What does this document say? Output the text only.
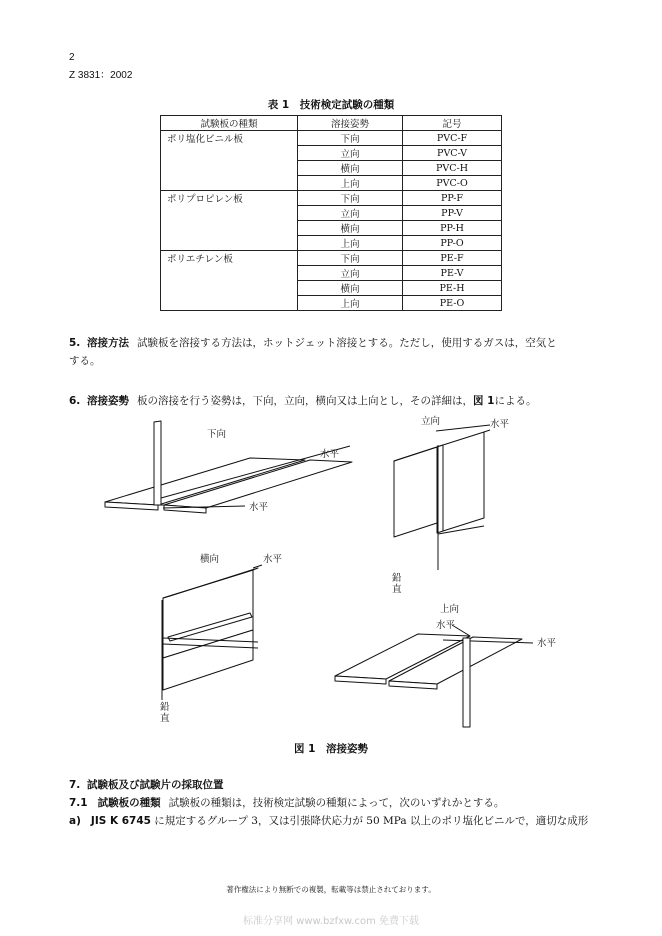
2
Z 3831：2002
表 1　技術検定試験の種類
試験板の種類	溶接姿勢	記号
ポリ塩化ビニル板	下向	PVC-F
	立向	PVC-V
	横向	PVC-H
	上向	PVC-O
ポリプロピレン板	下向	PP-F
	立向	PP-V
	横向	PP-H
	上向	PP-O
ポリエチレン板	下向	PE-F
	立向	PE-V
	横向	PE-H
	上向	PE-O
5. 溶接方法 試験板を溶接する方法は，ホットジェット溶接とする。ただし，使用するガスは，空気と
する。
6. 溶接姿勢 板の溶接を行う姿勢は，下向，立向，横向又は上向とし，その詳細は，図 1による。
下向
水平
水平
立向	水平
鉛直
横向	水平
鉛直
上向
水平
水平
図 1　溶接姿勢
7. 試験板及び試験片の採取位置
7.1 試験板の種類 試験板の種類は，技術検定試験の種類によって，次のいずれかとする。
a) JIS K 6745 に規定するグループ 3，又は引張降伏応力が 50 MPa 以上のポリ塩化ビニルで，適切な成形
著作権法により無断での複製，転載等は禁止されております。
标准分享网 www.bzfxw.com 免费下载
